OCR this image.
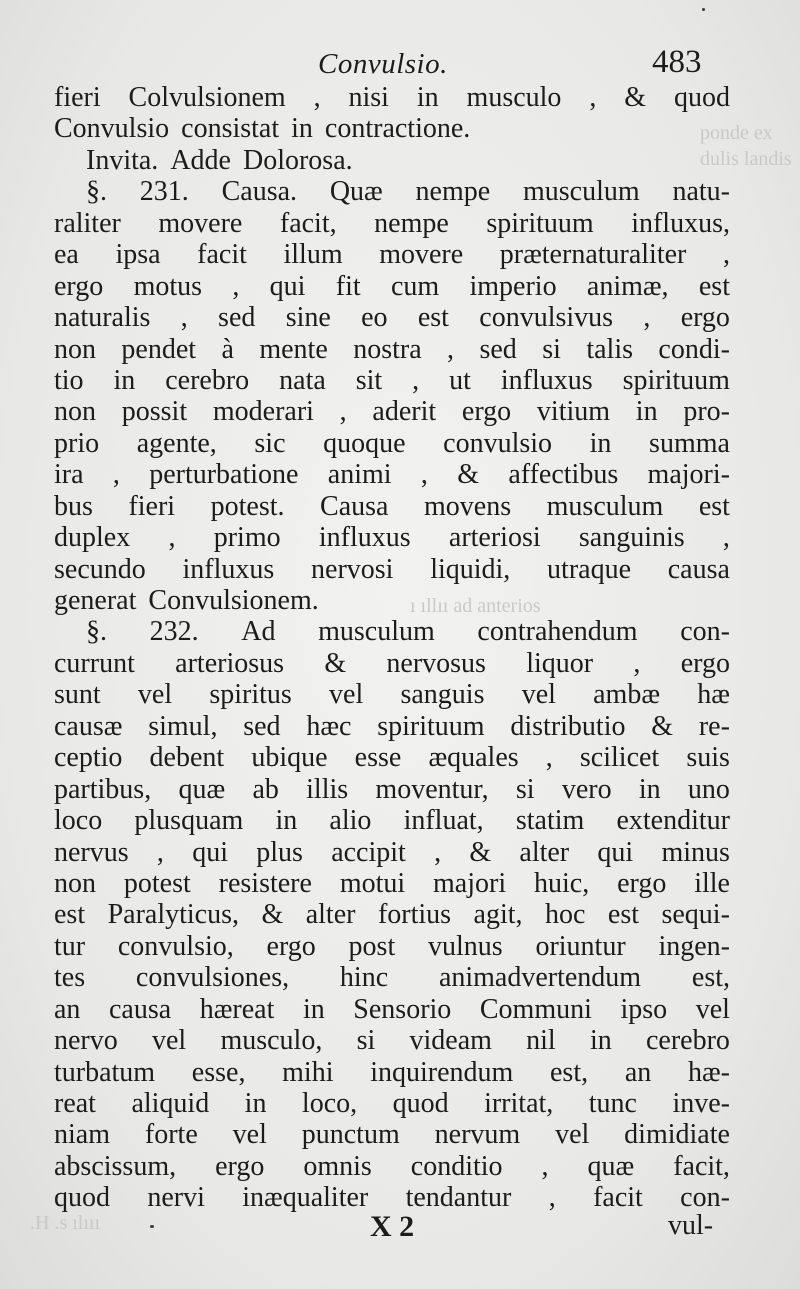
ponde ex
dulis landis
ı ıllıı ad anterios
.H .s ılııı
Convulsio.	483
fieri Colvulsionem , nisi in musculo , & quod
Convulsio consistat in contractione.
Invita. Adde Dolorosa.
§. 231. Causa. Quæ nempe musculum natu-
raliter movere facit, nempe spirituum influxus,
ea ipsa facit illum movere præternaturaliter ,
ergo motus , qui fit cum imperio animæ, est
naturalis , sed sine eo est convulsivus , ergo
non pendet à mente nostra , sed si talis condi-
tio in cerebro nata sit , ut influxus spirituum
non possit moderari , aderit ergo vitium in pro-
prio agente, sic quoque convulsio in summa
ira , perturbatione animi , & affectibus majori-
bus fieri potest. Causa movens musculum est
duplex , primo influxus arteriosi sanguinis ,
secundo influxus nervosi liquidi, utraque causa
generat Convulsionem.
§. 232. Ad musculum contrahendum con-
currunt arteriosus & nervosus liquor , ergo
sunt vel spiritus vel sanguis vel ambæ hæ
causæ simul, sed hæc spirituum distributio & re-
ceptio debent ubique esse æquales , scilicet suis
partibus, quæ ab illis moventur, si vero in uno
loco plusquam in alio influat, statim extenditur
nervus , qui plus accipit , & alter qui minus
non potest resistere motui majori huic, ergo ille
est Paralyticus, & alter fortius agit, hoc est sequi-
tur convulsio, ergo post vulnus oriuntur ingen-
tes convulsiones, hinc animadvertendum est,
an causa hæreat in Sensorio Communi ipso vel
nervo vel musculo, si videam nil in cerebro
turbatum esse, mihi inquirendum est, an hæ-
reat aliquid in loco, quod irritat, tunc inve-
niam forte vel punctum nervum vel dimidiate
abscissum, ergo omnis conditio , quæ facit,
quod nervi inæqualiter tendantur , facit con-
X 2	vul-
